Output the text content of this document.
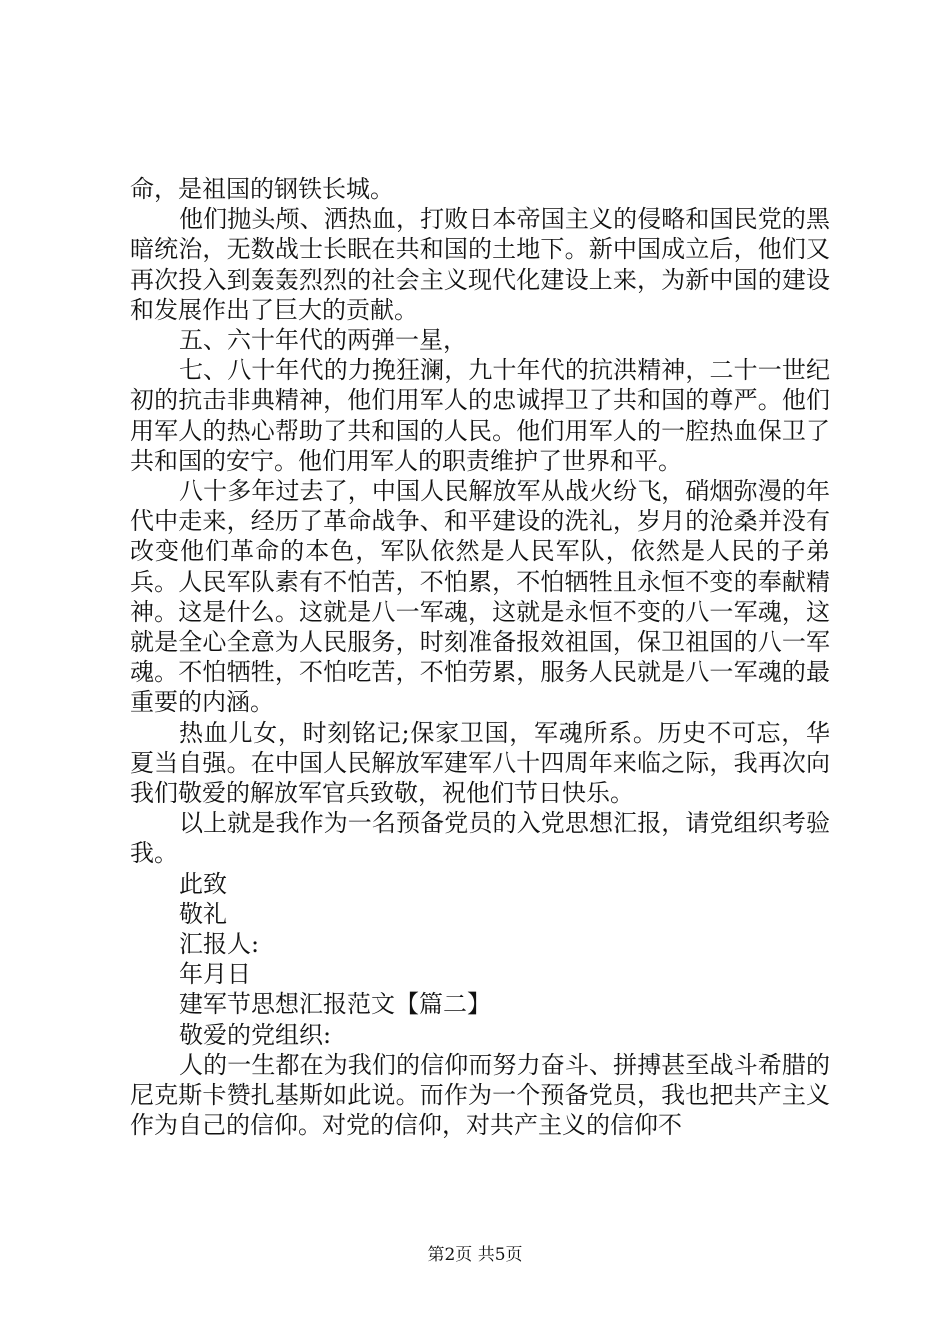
命，是祖国的钢铁长城。

他们抛头颅、洒热血，打败日本帝国主义的侵略和国民党的黑暗统治，无数战士长眠在共和国的土地下。新中国成立后，他们又再次投入到轰轰烈烈的社会主义现代化建设上来，为新中国的建设和发展作出了巨大的贡献。

五、六十年代的两弹一星，

七、八十年代的力挽狂澜，九十年代的抗洪精神，二十一世纪初的抗击非典精神，他们用军人的忠诚捍卫了共和国的尊严。他们用军人的热心帮助了共和国的人民。他们用军人的一腔热血保卫了共和国的安宁。他们用军人的职责维护了世界和平。

八十多年过去了，中国人民解放军从战火纷飞，硝烟弥漫的年代中走来，经历了革命战争、和平建设的洗礼，岁月的沧桑并没有改变他们革命的本色，军队依然是人民军队，依然是人民的子弟兵。人民军队素有不怕苦，不怕累，不怕牺牲且永恒不变的奉献精神。这是什么。这就是八一军魂，这就是永恒不变的八一军魂，这就是全心全意为人民服务，时刻准备报效祖国，保卫祖国的八一军魂。不怕牺牲，不怕吃苦，不怕劳累，服务人民就是八一军魂的最重要的内涵。

热血儿女，时刻铭记;保家卫国，军魂所系。历史不可忘，华夏当自强。在中国人民解放军建军八十四周年来临之际，我再次向我们敬爱的解放军官兵致敬，祝他们节日快乐。

以上就是我作为一名预备党员的入党思想汇报，请党组织考验我。

此致

敬礼

汇报人:

年月日

建军节思想汇报范文【篇二】

敬爱的党组织:

人的一生都在为我们的信仰而努力奋斗、拼搏甚至战斗希腊的尼克斯卡赞扎基斯如此说。而作为一个预备党员，我也把共产主义作为自己的信仰。对党的信仰，对共产主义的信仰不

第2页 共5页
